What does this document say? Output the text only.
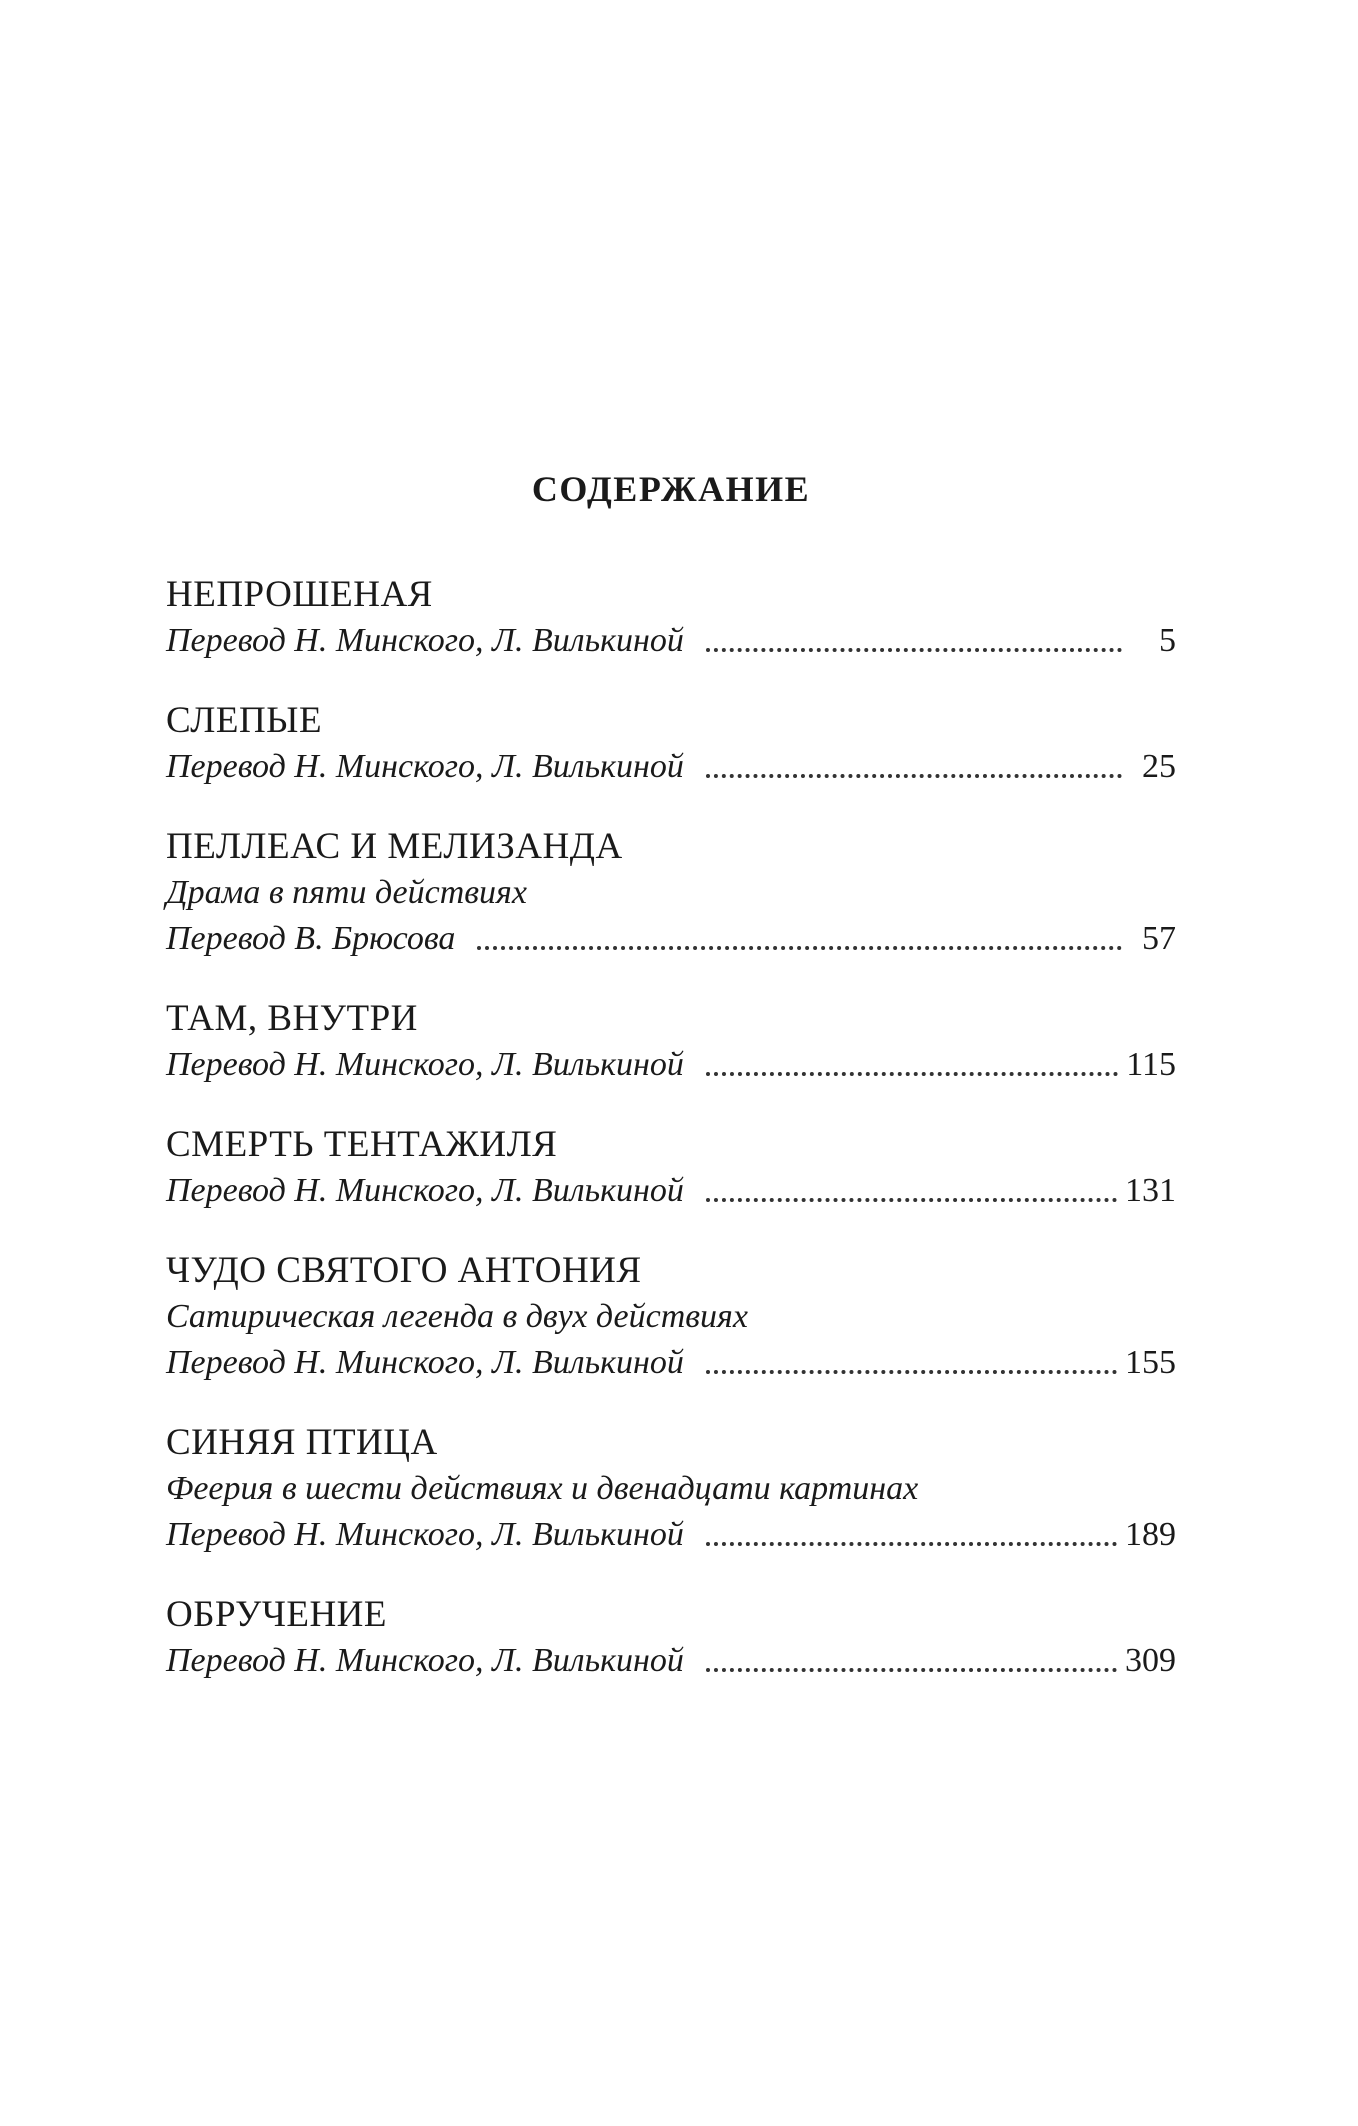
СОДЕРЖАНИЕ
НЕПРОШЕНАЯ
Перевод Н. Минского, Л. Вилькиной	5
СЛЕПЫЕ
Перевод Н. Минского, Л. Вилькиной	25
ПЕЛЛЕАС И МЕЛИЗАНДА
Драма в пяти действиях
Перевод В. Брюсова	57
ТАМ, ВНУТРИ
Перевод Н. Минского, Л. Вилькиной	115
СМЕРТЬ ТЕНТАЖИЛЯ
Перевод Н. Минского, Л. Вилькиной	131
ЧУДО СВЯТОГО АНТОНИЯ
Сатирическая легенда в двух действиях
Перевод Н. Минского, Л. Вилькиной	155
СИНЯЯ ПТИЦА
Феерия в шести действиях и двенадцати картинах
Перевод Н. Минского, Л. Вилькиной	189
ОБРУЧЕНИЕ
Перевод Н. Минского, Л. Вилькиной	309
